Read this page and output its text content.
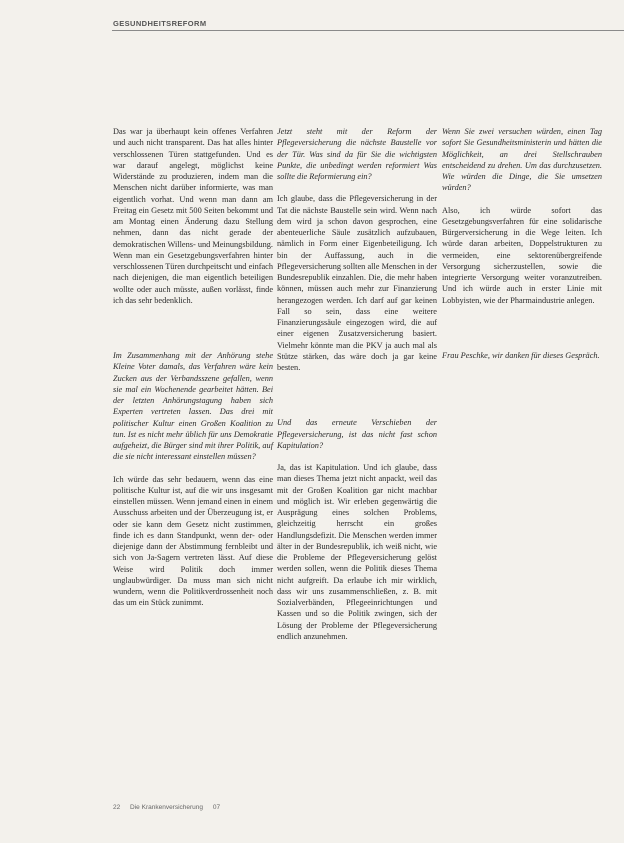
GESUNDHEITSREFORM

Das war ja überhaupt kein offenes Verfahren und auch nicht transparent. Das hat alles hinter verschlossenen Türen stattgefunden. Und es war darauf angelegt, möglichst keine Widerstände zu produzieren, indem man die Menschen nicht darüber informierte, was man eigentlich vorhat. Und wenn man dann am Freitag ein Gesetz mit 500 Seiten bekommt und am Montag einen Änderung dazu Stellung nehmen, dann das nicht gerade der demokratischen Willens- und Meinungsbildung. Wenn man ein Gesetzgebungsverfahren hinter verschlossenen Türen durchpeitscht und einfach nach diejenigen, die man eigentlich beteiligen wollte oder auch müsste, außen vorlässt, finde ich das sehr bedenklich.

Im Zusammenhang mit der Anhörung stehe Kleine Voter damals, das Verfahren wäre kein Zucken aus der Verbandsszene gefallen, wenn sie mal ein Wochenende gearbeitet hätten. Bei der letzten Anhörungstagung haben sich Experten vertreten lassen. Das drei mit politischer Kultur einen Großen Koalition zu tun. Ist es nicht mehr üblich für uns Demokratie aufgeheizt, die Bürger sind mit ihrer Politik, auf die sie nicht interessant einstellen müssen?

Ich würde das sehr bedauern, wenn das eine politische Kultur ist, auf die wir uns insgesamt einstellen müssen. Wenn jemand einen in einem Ausschuss arbeiten und der Überzeugung ist, er oder sie kann dem Gesetz nicht zustimmen, finde ich es dann Standpunkt, wenn der- oder diejenige dann der Abstimmung fernbleibt und sich von Ja-Sagern vertreten lässt. Auf diese Weise wird Politik doch immer unglaubwürdiger. Da muss man sich nicht wundern, wenn die Politikverdrossenheit noch das um ein Stück zunimmt.

Jetzt steht mit der Reform der Pflegeversicherung die nächste Baustelle vor der Tür. Was sind da für Sie die wichtigsten Punkte, die unbedingt werden reformiert Was sollte die Reformierung ein?

Ich glaube, dass die Pflegeversicherung in der Tat die nächste Baustelle sein wird. Wenn nach dem wird ja schon davon gesprochen, eine abenteuerliche Säule zusätzlich aufzubauen, nämlich in Form einer Eigenbeteiligung. Ich bin der Auffassung, auch in die Pflegeversicherung sollten alle Menschen in der Bundesrepublik einzahlen. Die, die mehr haben können, müssen auch mehr zur Finanzierung herangezogen werden. Ich darf auf gar keinen Fall so sein, dass eine weitere Finanzierungssäule eingezogen wird, die auf einer eigenen Zusatzversicherung basiert. Vielmehr könnte man die PKV ja auch mal als Stütze stärken, das wäre doch ja gar keine besten.

Und das erneute Verschieben der Pflegeversicherung, ist das nicht fast schon Kapitulation?

Ja, das ist Kapitulation. Und ich glaube, dass man dieses Thema jetzt nicht anpackt, weil das mit der Großen Koalition gar nicht machbar und möglich ist. Wir erleben gegenwärtig die Ausprägung eines solchen Problems, gleichzeitig herrscht ein großes Handlungsdefizit. Die Menschen werden immer älter in der Bundesrepublik, ich weiß nicht, wie die Probleme der Pflegeversicherung gelöst werden sollen, wenn die Politik dieses Thema nicht aufgreift. Da erlaube ich mir wirklich, dass wir uns zusammenschließen, z. B. mit Sozialverbänden, Pflegeeinrichtungen und Kassen und so die Politik zwingen, sich der Lösung der Probleme der Pflegeversicherung endlich anzunehmen.

Wenn Sie zwei versuchen würden, einen Tag sofort Sie Gesundheitsministerin und hätten die Möglichkeit, an drei Stellschrauben entscheidend zu drehen. Um das durchzusetzen. Wie würden die Dinge, die Sie umsetzen würden?

Also, ich würde sofort das Gesetzgebungsverfahren für eine solidarische Bürgerversicherung in die Wege leiten. Ich würde daran arbeiten, Doppelstrukturen zu vermeiden, eine sektorenübergreifende Versorgung sicherzustellen, sowie die integrierte Versorgung weiter voranzutreiben. Und ich würde auch in erster Linie mit Lobbyisten, wie der Pharmaindustrie anlegen.

Frau Peschke, wir danken für dieses Gespräch.

22 Die Krankenversicherung 07
